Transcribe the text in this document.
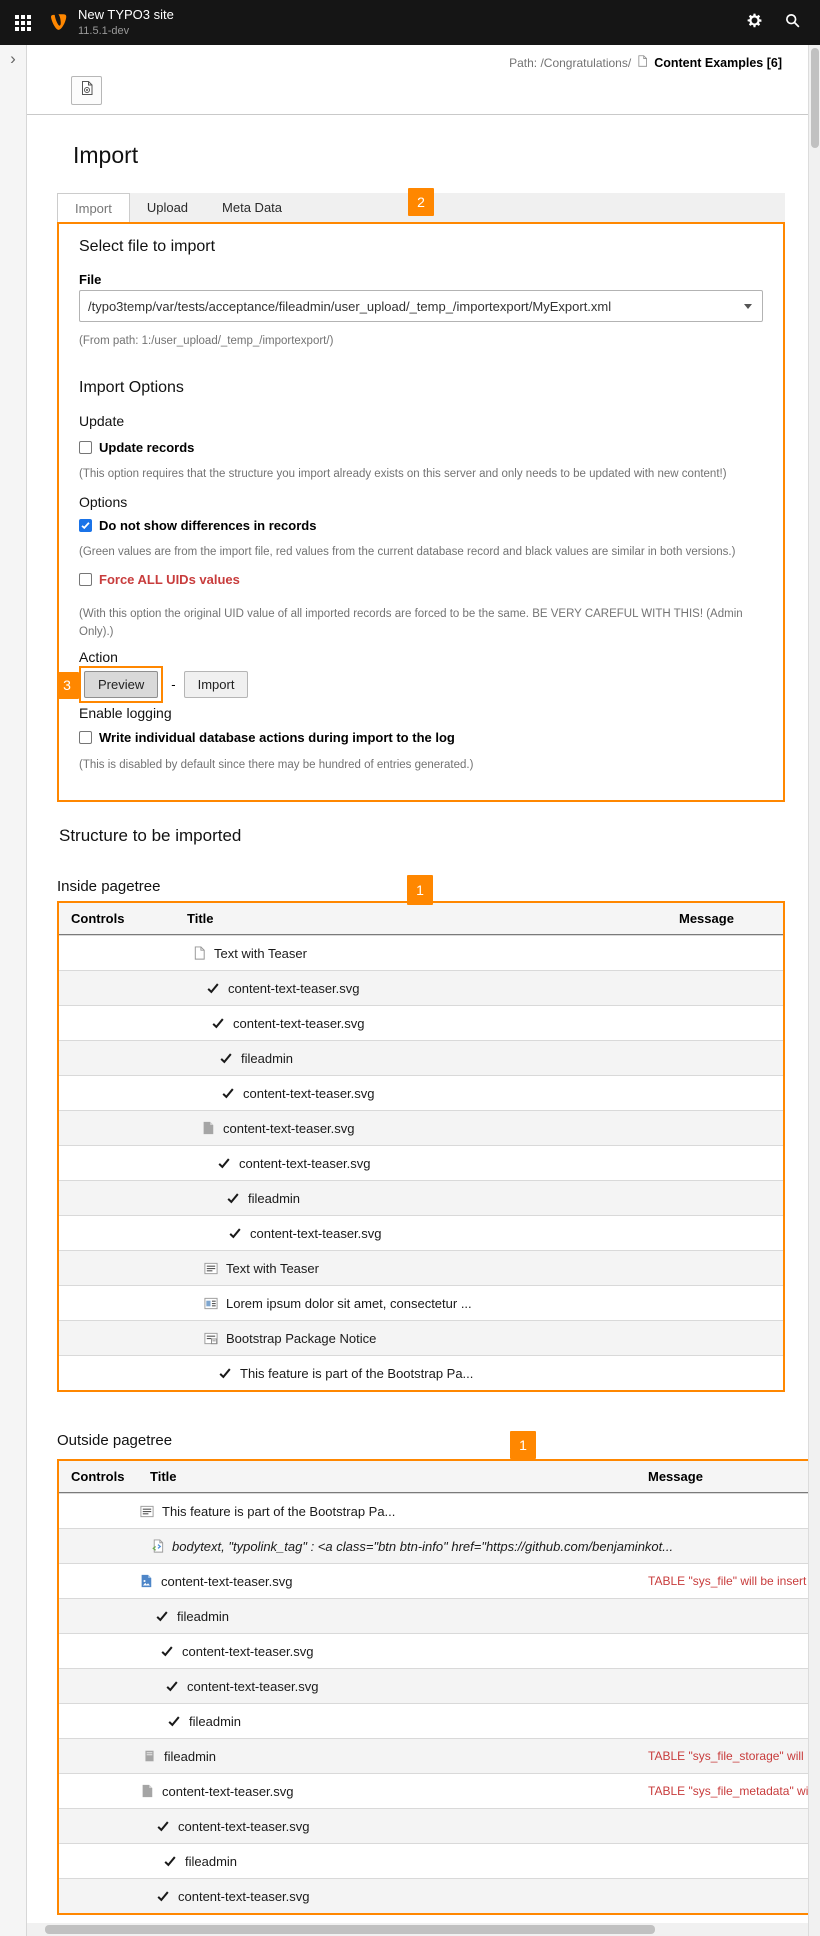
New TYPO3 site
11.5.1-dev
›	Path: /Congratulations/ Content Examples [6]
Import
Import	Upload	Meta Data	2
Select file to import
File
/typo3temp/var/tests/acceptance/fileadmin/user_upload/_temp_/importexport/MyExport.xml
(From path: 1:/user_upload/_temp_/importexport/)
Import Options
Update
Update records
(This option requires that the structure you import already exists on this server and only needs to be updated with new content!)
Options
Do not show differences in records
(Green values are from the import file, red values from the current database record and black values are similar in both versions.)
Force ALL UIDs values
(With this option the original UID value of all imported records are forced to be the same. BE VERY CAREFUL WITH THIS! (Admin Only).)
Action
3	Preview	-	Import
Enable logging
Write individual database actions during import to the log
(This is disabled by default since there may be hundred of entries generated.)
Structure to be imported
Inside pagetree	1
Controls	Title	Message
Text with Teaser
content-text-teaser.svg
content-text-teaser.svg
fileadmin
content-text-teaser.svg
content-text-teaser.svg
content-text-teaser.svg
fileadmin
content-text-teaser.svg
Text with Teaser
Lorem ipsum dolor sit amet, consectetur ...
Bootstrap Package Notice
This feature is part of the Bootstrap Pa...
Outside pagetree	1
Controls Title	Message
This feature is part of the Bootstrap Pa...
bodytext, "typolink_tag" : <a class="btn btn-info" href="https://github.com/benjaminkot...
content-text-teaser.svg	TABLE "sys_file" will be insert
fileadmin
content-text-teaser.svg
content-text-teaser.svg
fileadmin
fileadmin	TABLE "sys_file_storage" will
content-text-teaser.svg	TABLE "sys_file_metadata" wi
content-text-teaser.svg
fileadmin
content-text-teaser.svg
